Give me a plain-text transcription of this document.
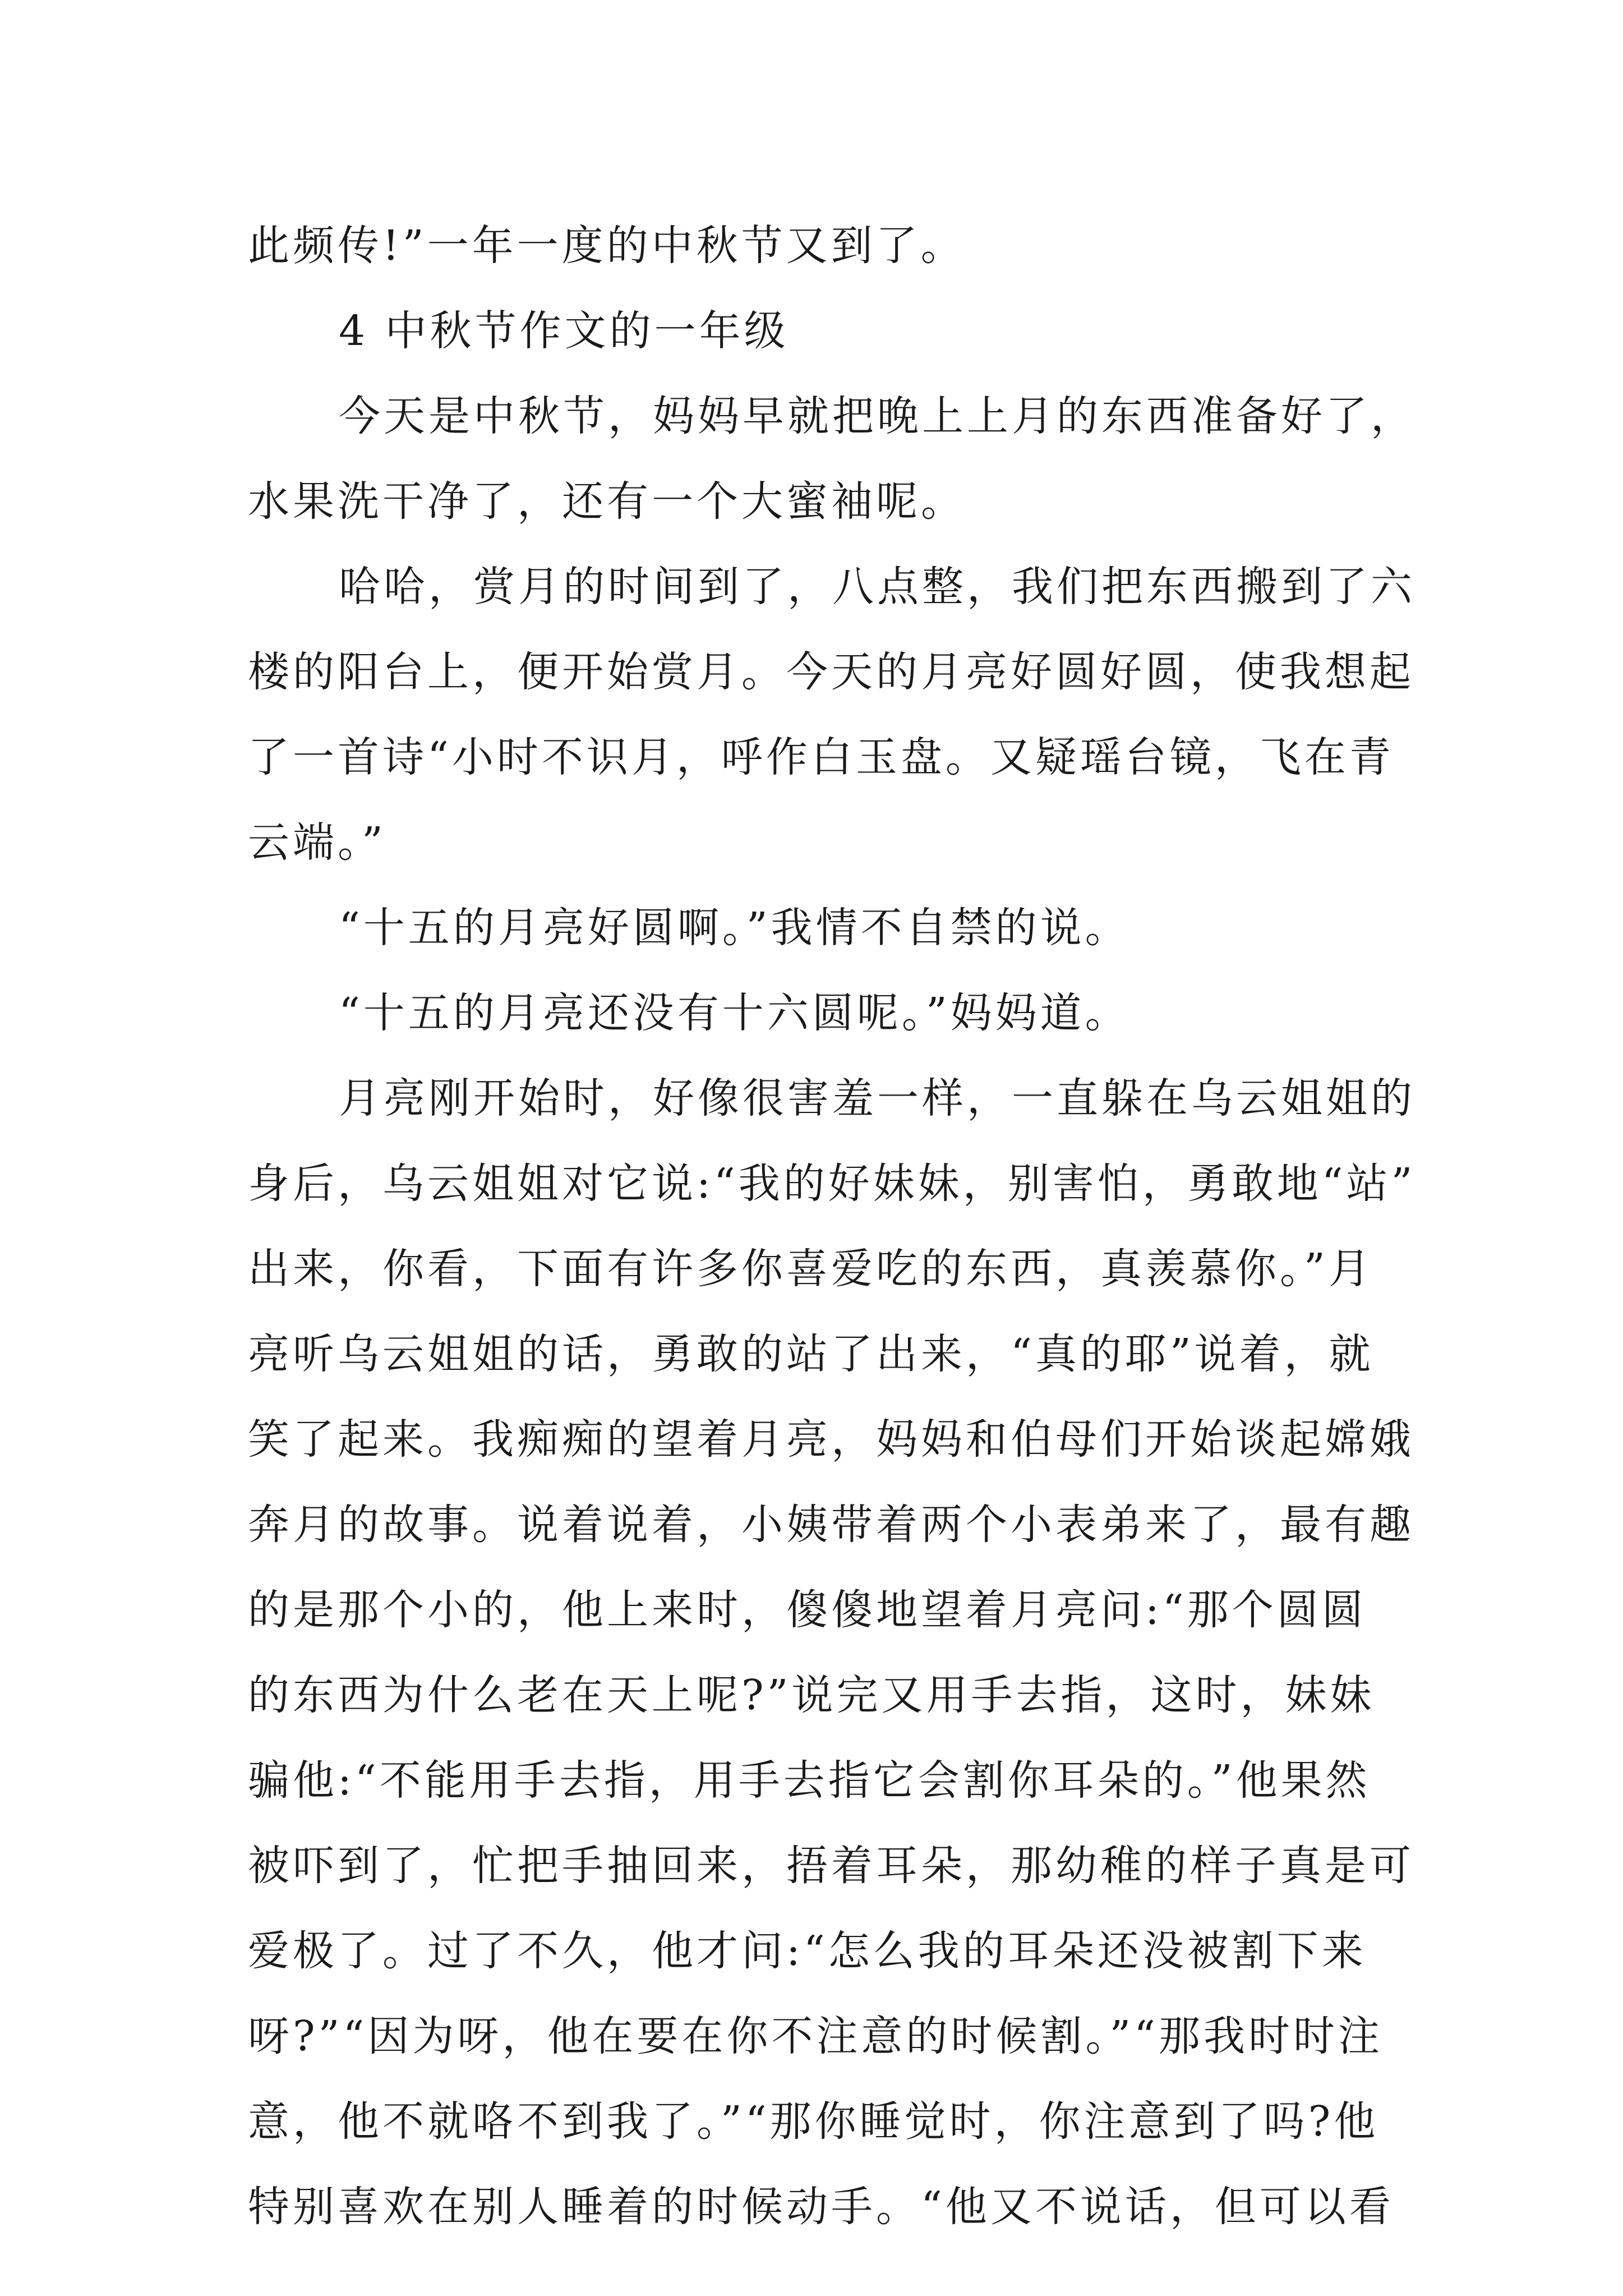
此频传!”一年一度的中秋节又到了。
4 中秋节作文的一年级
今天是中秋节，妈妈早就把晚上上月的东西准备好了，
水果洗干净了，还有一个大蜜袖呢。
哈哈，赏月的时间到了，八点整，我们把东西搬到了六
楼的阳台上，便开始赏月。今天的月亮好圆好圆，使我想起
了一首诗“小时不识月，呼作白玉盘。又疑瑶台镜，飞在青
云端。”
“十五的月亮好圆啊。”我情不自禁的说。
“十五的月亮还没有十六圆呢。”妈妈道。
月亮刚开始时，好像很害羞一样，一直躲在乌云姐姐的
身后，乌云姐姐对它说:“我的好妹妹，别害怕，勇敢地“站”
出来，你看，下面有许多你喜爱吃的东西，真羡慕你。”月
亮听乌云姐姐的话，勇敢的站了出来，“真的耶”说着，就
笑了起来。我痴痴的望着月亮，妈妈和伯母们开始谈起嫦娥
奔月的故事。说着说着，小姨带着两个小表弟来了，最有趣
的是那个小的，他上来时，傻傻地望着月亮问:“那个圆圆
的东西为什么老在天上呢?”说完又用手去指，这时，妹妹
骗他:“不能用手去指，用手去指它会割你耳朵的。”他果然
被吓到了，忙把手抽回来，捂着耳朵，那幼稚的样子真是可
爱极了。过了不久，他才问:“怎么我的耳朵还没被割下来
呀?”“因为呀，他在要在你不注意的时候割。”“那我时时注
意，他不就咯不到我了。”“那你睡觉时，你注意到了吗?他
特别喜欢在别人睡着的时候动手。“他又不说话，但可以看
